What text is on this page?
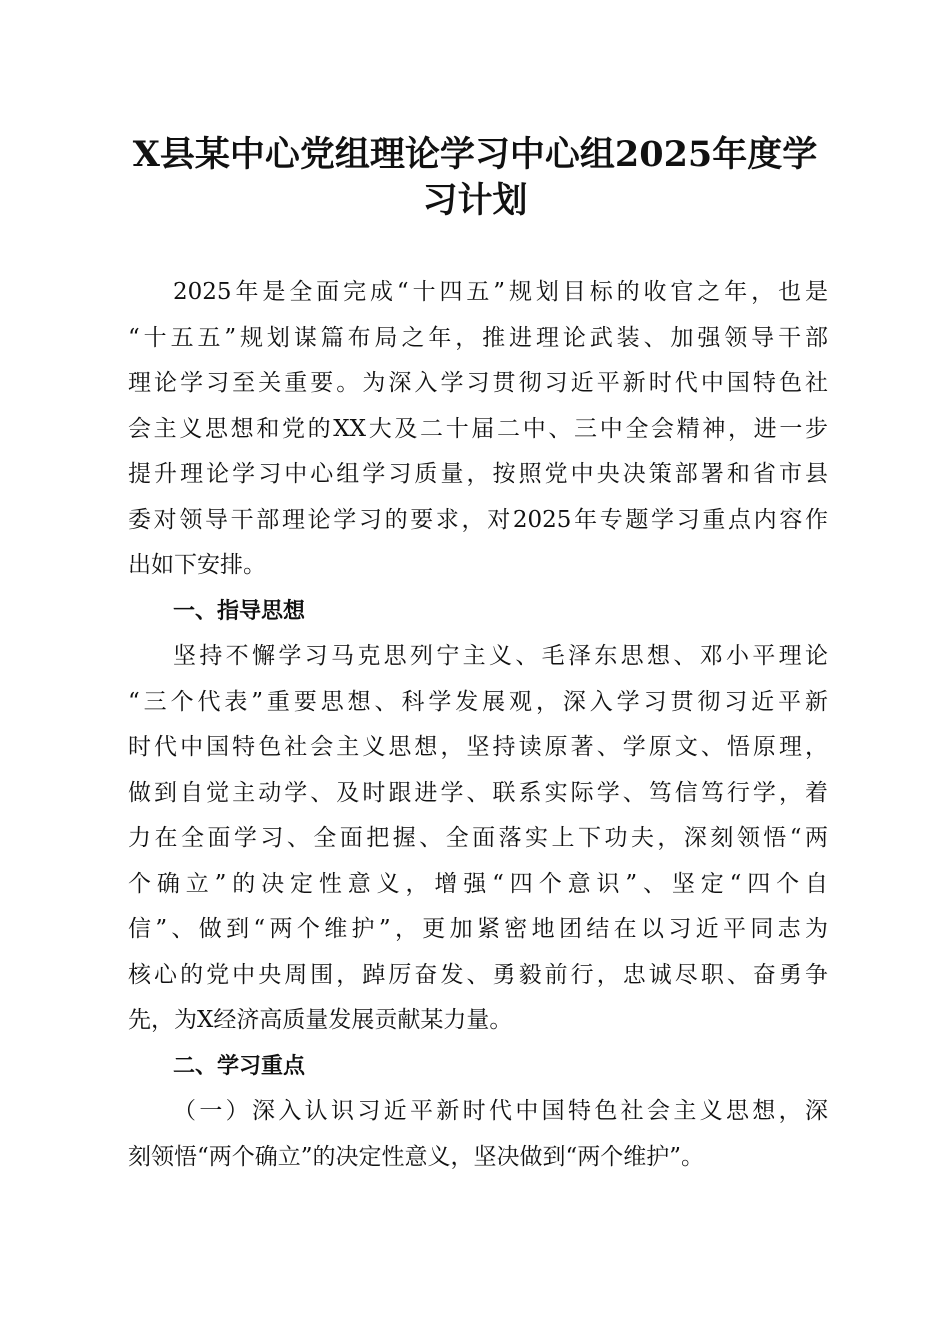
X县某中心党组理论学习中心组2025年度学
习计划
2025年是全面完成“十四五”规划目标的收官之年，也是
“十五五”规划谋篇布局之年，推进理论武装、加强领导干部
理论学习至关重要。为深入学习贯彻习近平新时代中国特色社
会主义思想和党的XX大及二十届二中、三中全会精神，进一步
提升理论学习中心组学习质量，按照党中央决策部署和省市县
委对领导干部理论学习的要求，对2025年专题学习重点内容作
出如下安排。
一、指导思想
坚持不懈学习马克思列宁主义、毛泽东思想、邓小平理论
“三个代表”重要思想、科学发展观，深入学习贯彻习近平新
时代中国特色社会主义思想，坚持读原著、学原文、悟原理，
做到自觉主动学、及时跟进学、联系实际学、笃信笃行学，着
力在全面学习、全面把握、全面落实上下功夫，深刻领悟“两
个确立”的决定性意义，增强“四个意识”、坚定“四个自
信”、做到“两个维护”，更加紧密地团结在以习近平同志为
核心的党中央周围，踔厉奋发、勇毅前行，忠诚尽职、奋勇争
先，为X经济高质量发展贡献某力量。
二、学习重点
（一）深入认识习近平新时代中国特色社会主义思想，深
刻领悟“两个确立”的决定性意义，坚决做到“两个维护”。
